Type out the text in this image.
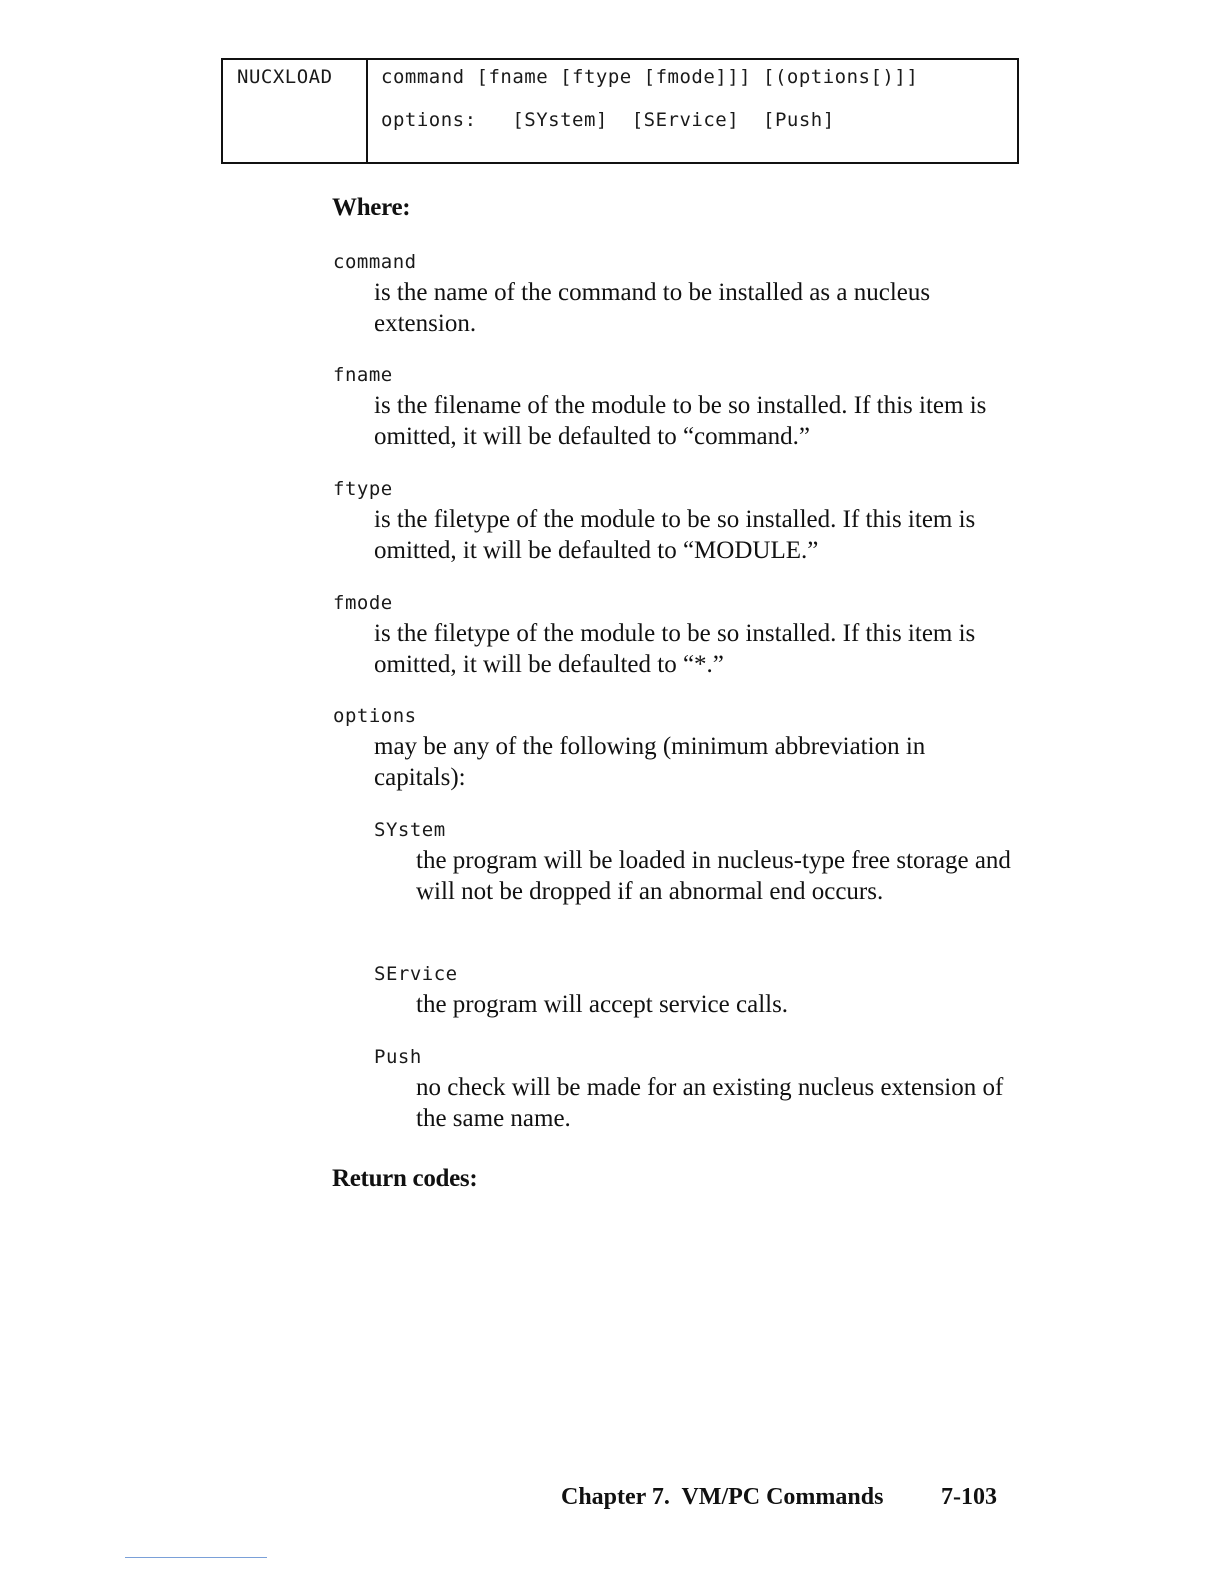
NUCXLOAD	command [fname [ftype [fmode]]] [(options[)]]
options:   [SYstem]  [SErvice]  [Push]
Where:
command
is the name of the command to be installed as a nucleus extension.
fname
is the filename of the module to be so installed. If this item is omitted, it will be defaulted to “command.”
ftype
is the filetype of the module to be so installed. If this item is omitted, it will be defaulted to “MODULE.”
fmode
is the filetype of the module to be so installed. If this item is omitted, it will be defaulted to “*.”
options
may be any of the following (minimum abbreviation in capitals):
SYstem
the program will be loaded in nucleus-type free storage and will not be dropped if an abnormal end occurs.
SErvice
the program will accept service calls.
Push
no check will be made for an existing nucleus extension of the same name.
Return codes:
Chapter 7.  VM/PC Commands 7-103
